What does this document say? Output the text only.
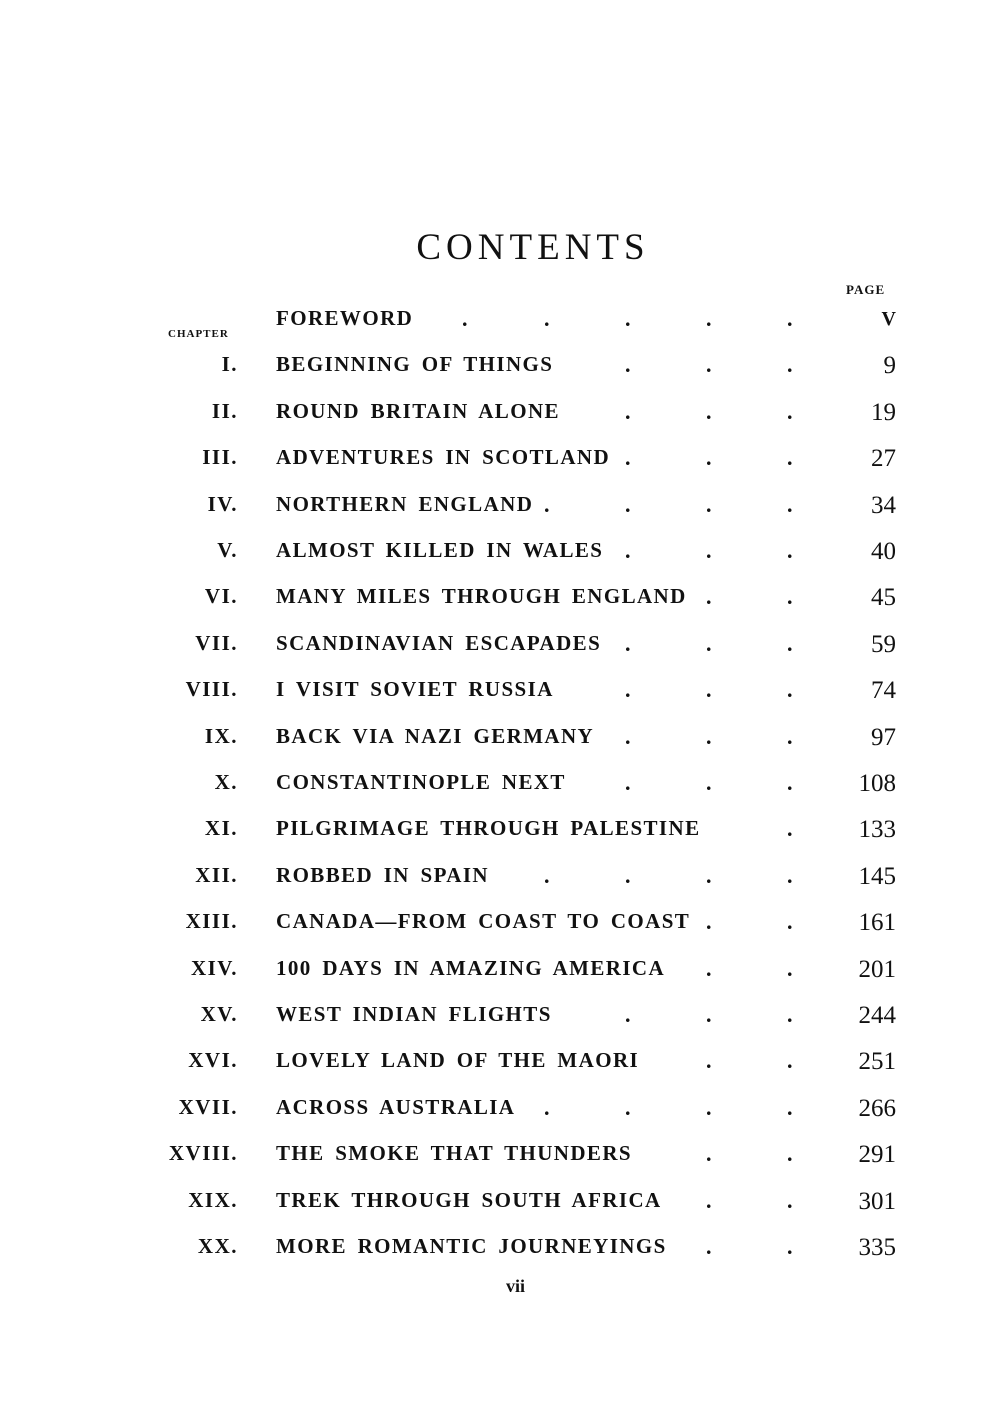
CONTENTS
PAGE
CHAPTER
FOREWORD .	.	.	.	.	V
I. BEGINNING OF THINGS	.	.	.	9
II. ROUND BRITAIN ALONE	.	.	.	19
III. ADVENTURES IN SCOTLAND .	.	.	27
IV. NORTHERN ENGLAND .	.	.	.	34
V. ALMOST KILLED IN WALES .	.	.	40
VI. MANY MILES THROUGH ENGLAND .	.	45
VII. SCANDINAVIAN ESCAPADES .	.	.	59
VIII. I VISIT SOVIET RUSSIA	.	.	.	74
IX. BACK VIA NAZI GERMANY .	.	.	97
X. CONSTANTINOPLE NEXT	.	.	.	108
XI. PILGRIMAGE THROUGH PALESTINE	.	133
XII. ROBBED IN SPAIN	.	.	.	.	145
XIII. CANADA—FROM COAST TO COAST .	.	161
XIV. 100 DAYS IN AMAZING AMERICA .	.	201
XV. WEST INDIAN FLIGHTS	.	.	.	244
XVI. LOVELY LAND OF THE MAORI	.	.	251
XVII. ACROSS AUSTRALIA .	.	.	.	266
XVIII. THE SMOKE THAT THUNDERS	.	.	291
XIX. TREK THROUGH SOUTH AFRICA .	.	301
XX. MORE ROMANTIC JOURNEYINGS .	.	335
vii
